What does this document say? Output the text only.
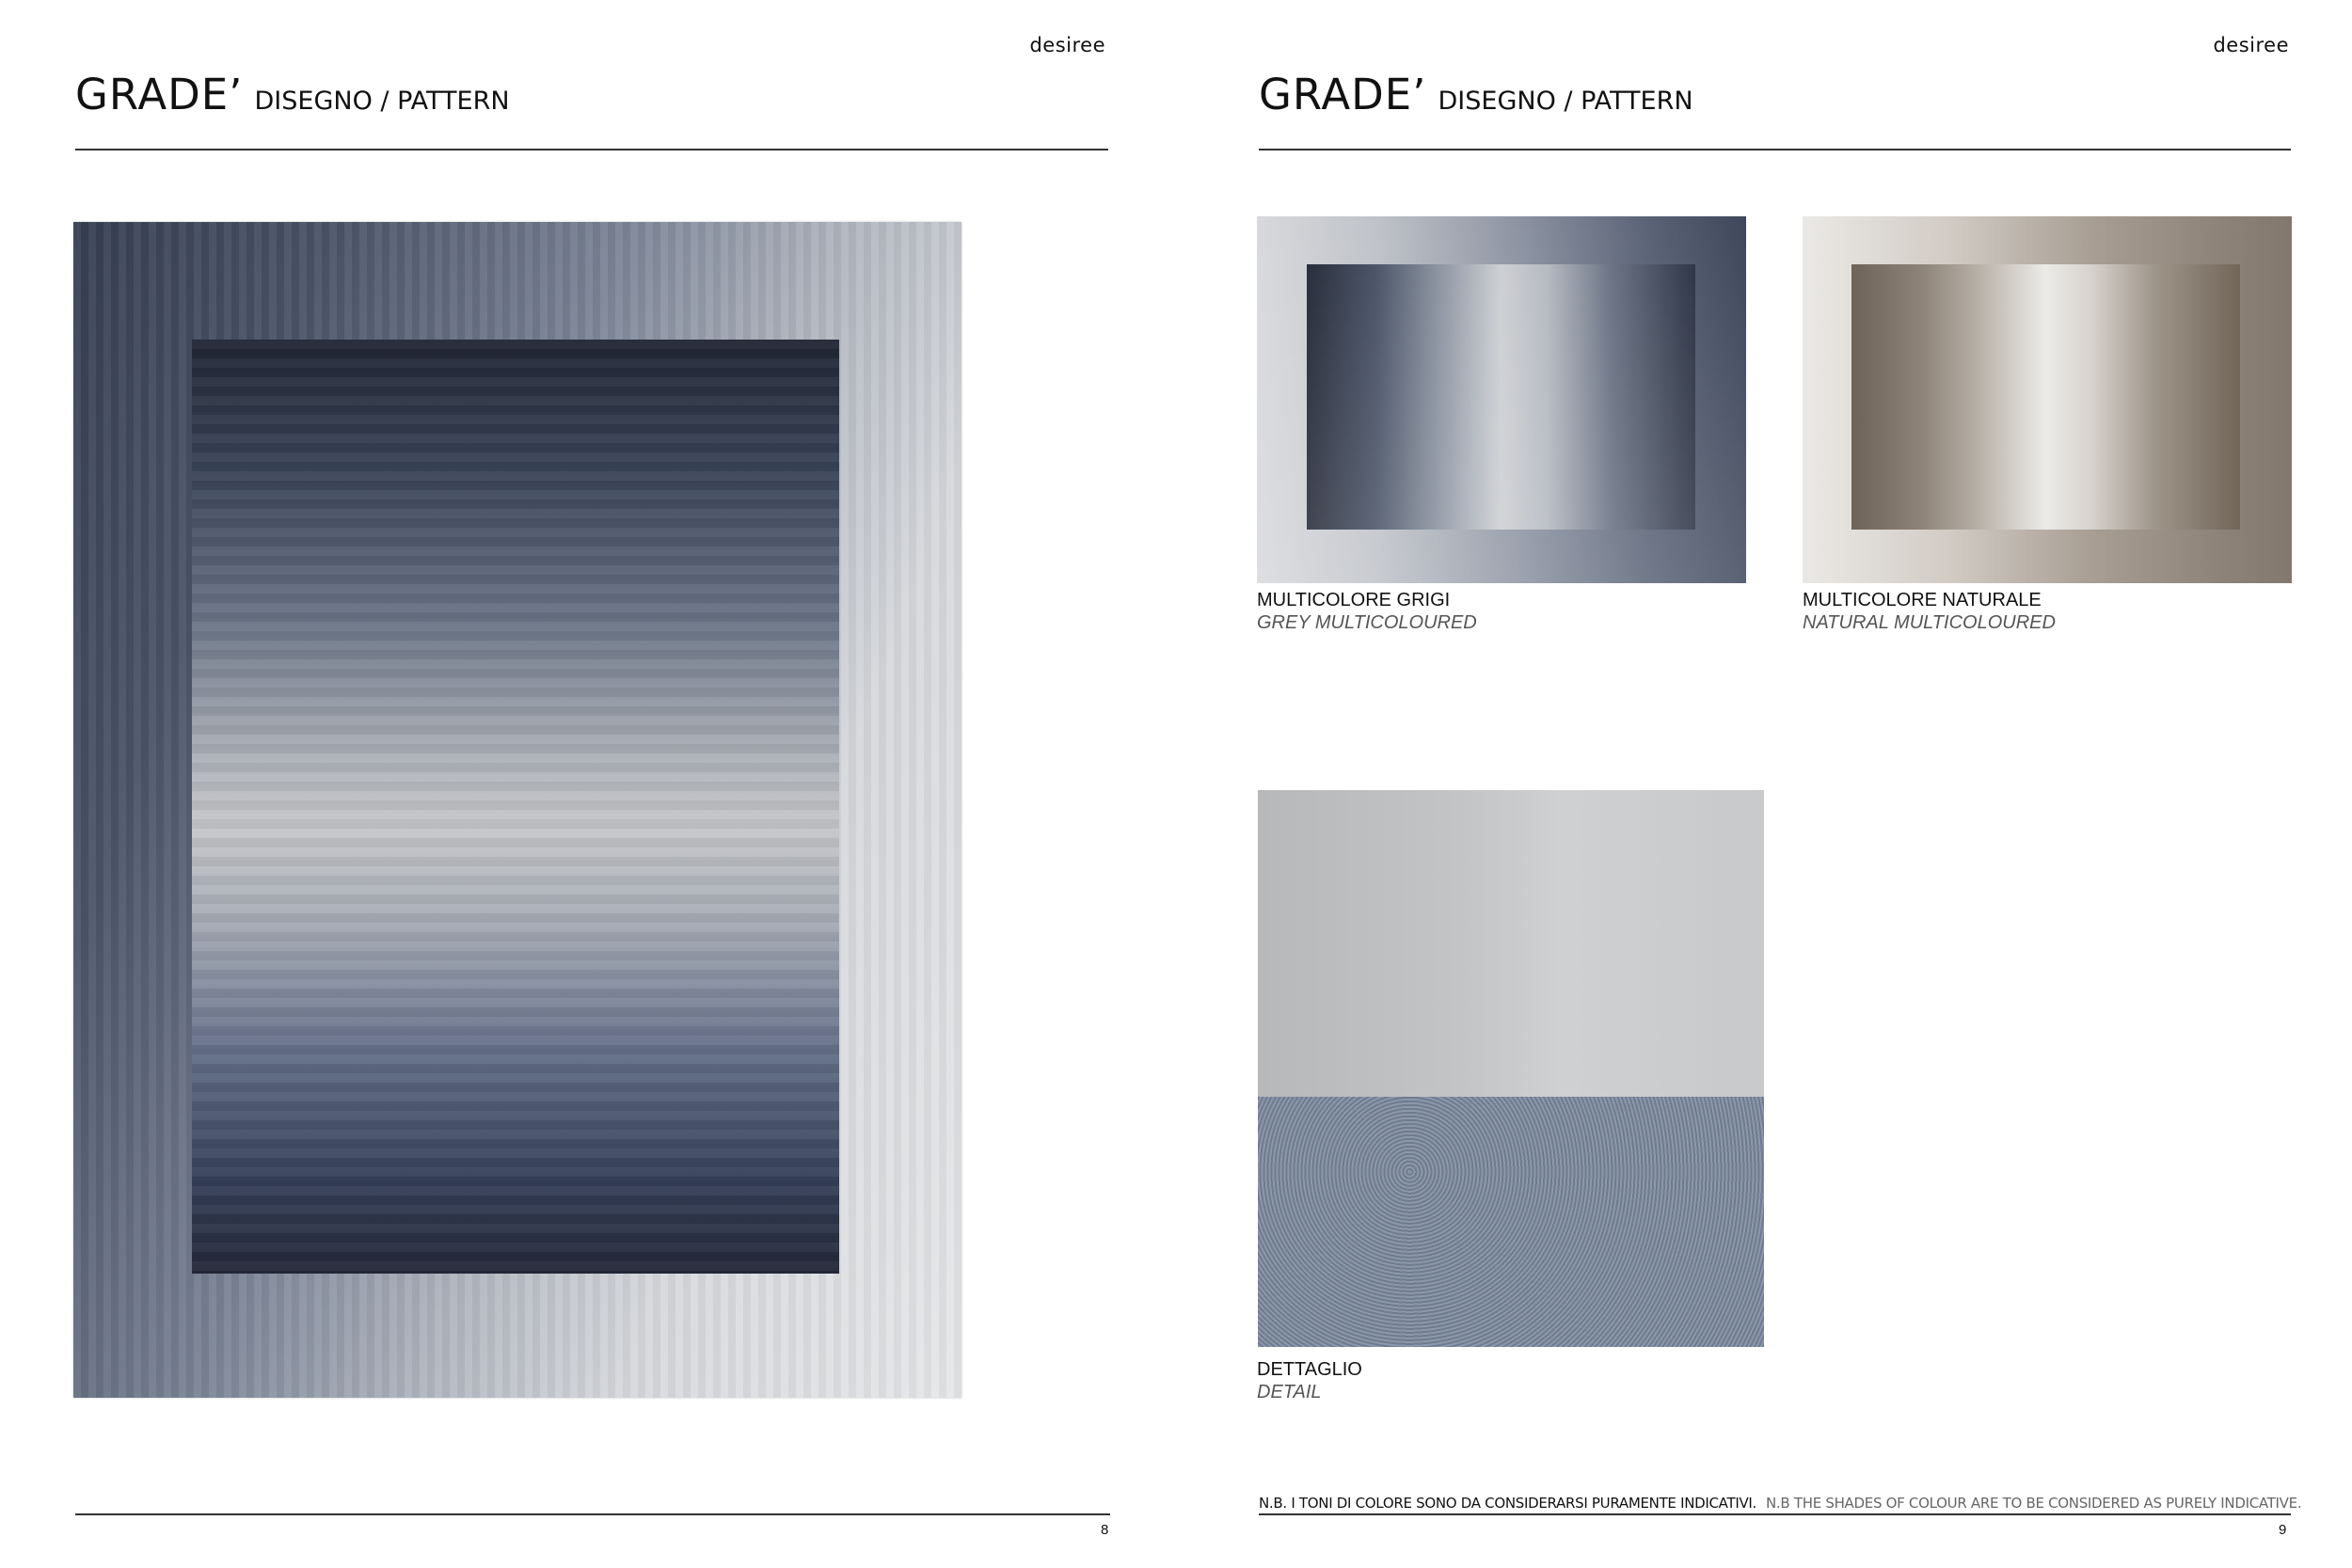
desiree
GRADE’ DISEGNO / PATTERN
8
desiree
GRADE’ DISEGNO / PATTERN
MULTICOLORE GRIGI
GREY MULTICOLOURED
MULTICOLORE NATURALE
NATURAL MULTICOLOURED
DETTAGLIO
DETAIL
N.B. I TONI DI COLORE SONO DA CONSIDERARSI PURAMENTE INDICATIVI. N.B THE SHADES OF COLOUR ARE TO BE CONSIDERED AS PURELY INDICATIVE.
9
